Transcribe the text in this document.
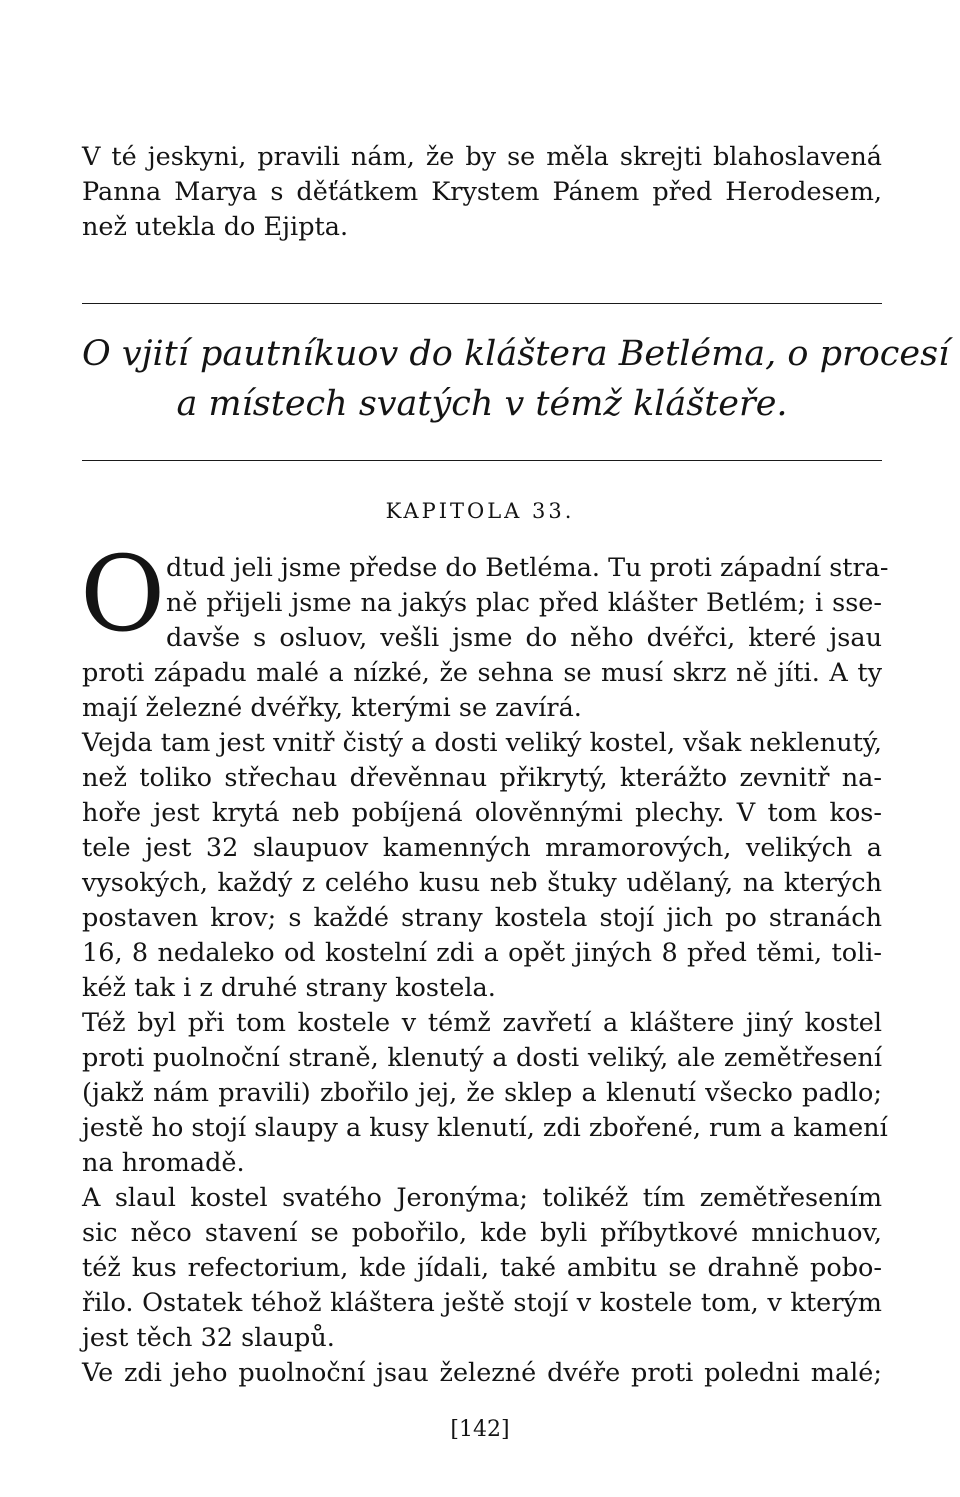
V té jeskyni, pravili nám, že by se měla skrejti blahoslavená
Panna Marya s děťátkem Krystem Pánem před Herodesem,
než utekla do Ejipta.
O vjití pautníkuov do kláštera Betléma, o procesí
a místech svatých v témž klášteře.
KAPITOLA 33.
O dtud jeli jsme předse do Betléma. Tu proti západní stra-
ně přijeli jsme na jakýs plac před klášter Betlém; i sse-
davše s osluov, vešli jsme do něho dvéřci, které jsau
proti západu malé a nízké, že sehna se musí skrz ně jíti. A ty
mají železné dvéřky, kterými se zavírá.
Vejda tam jest vnitř čistý a dosti veliký kostel, však neklenutý,
než toliko střechau dřevěnnau přikrytý, kterážto zevnitř na-
hoře jest krytá neb pobíjená olověnnými plechy. V tom kos-
tele jest 32 slaupuov kamenných mramorových, velikých a
vysokých, každý z celého kusu neb štuky udělaný, na kterých
postaven krov; s každé strany kostela stojí jich po stranách
16, 8 nedaleko od kostelní zdi a opět jiných 8 před těmi, toli-
kéž tak i z druhé strany kostela.
Též byl při tom kostele v témž zavřetí a kláštere jiný kostel
proti puolnoční straně, klenutý a dosti veliký, ale zemětřesení
(jakž nám pravili) zbořilo jej, že sklep a klenutí všecko padlo;
jestě ho stojí slaupy a kusy klenutí, zdi zbořené, rum a kamení
na hromadě.
A slaul kostel svatého Jeronýma; tolikéž tím zemětřesením
sic něco stavení se pobořilo, kde byli příbytkové mnichuov,
též kus refectorium, kde jídali, také ambitu se drahně pobo-
řilo. Ostatek téhož kláštera ještě stojí v kostele tom, v kterým
jest těch 32 slaupů.
Ve zdi jeho puolnoční jsau železné dvéře proti poledni malé;
[142]
